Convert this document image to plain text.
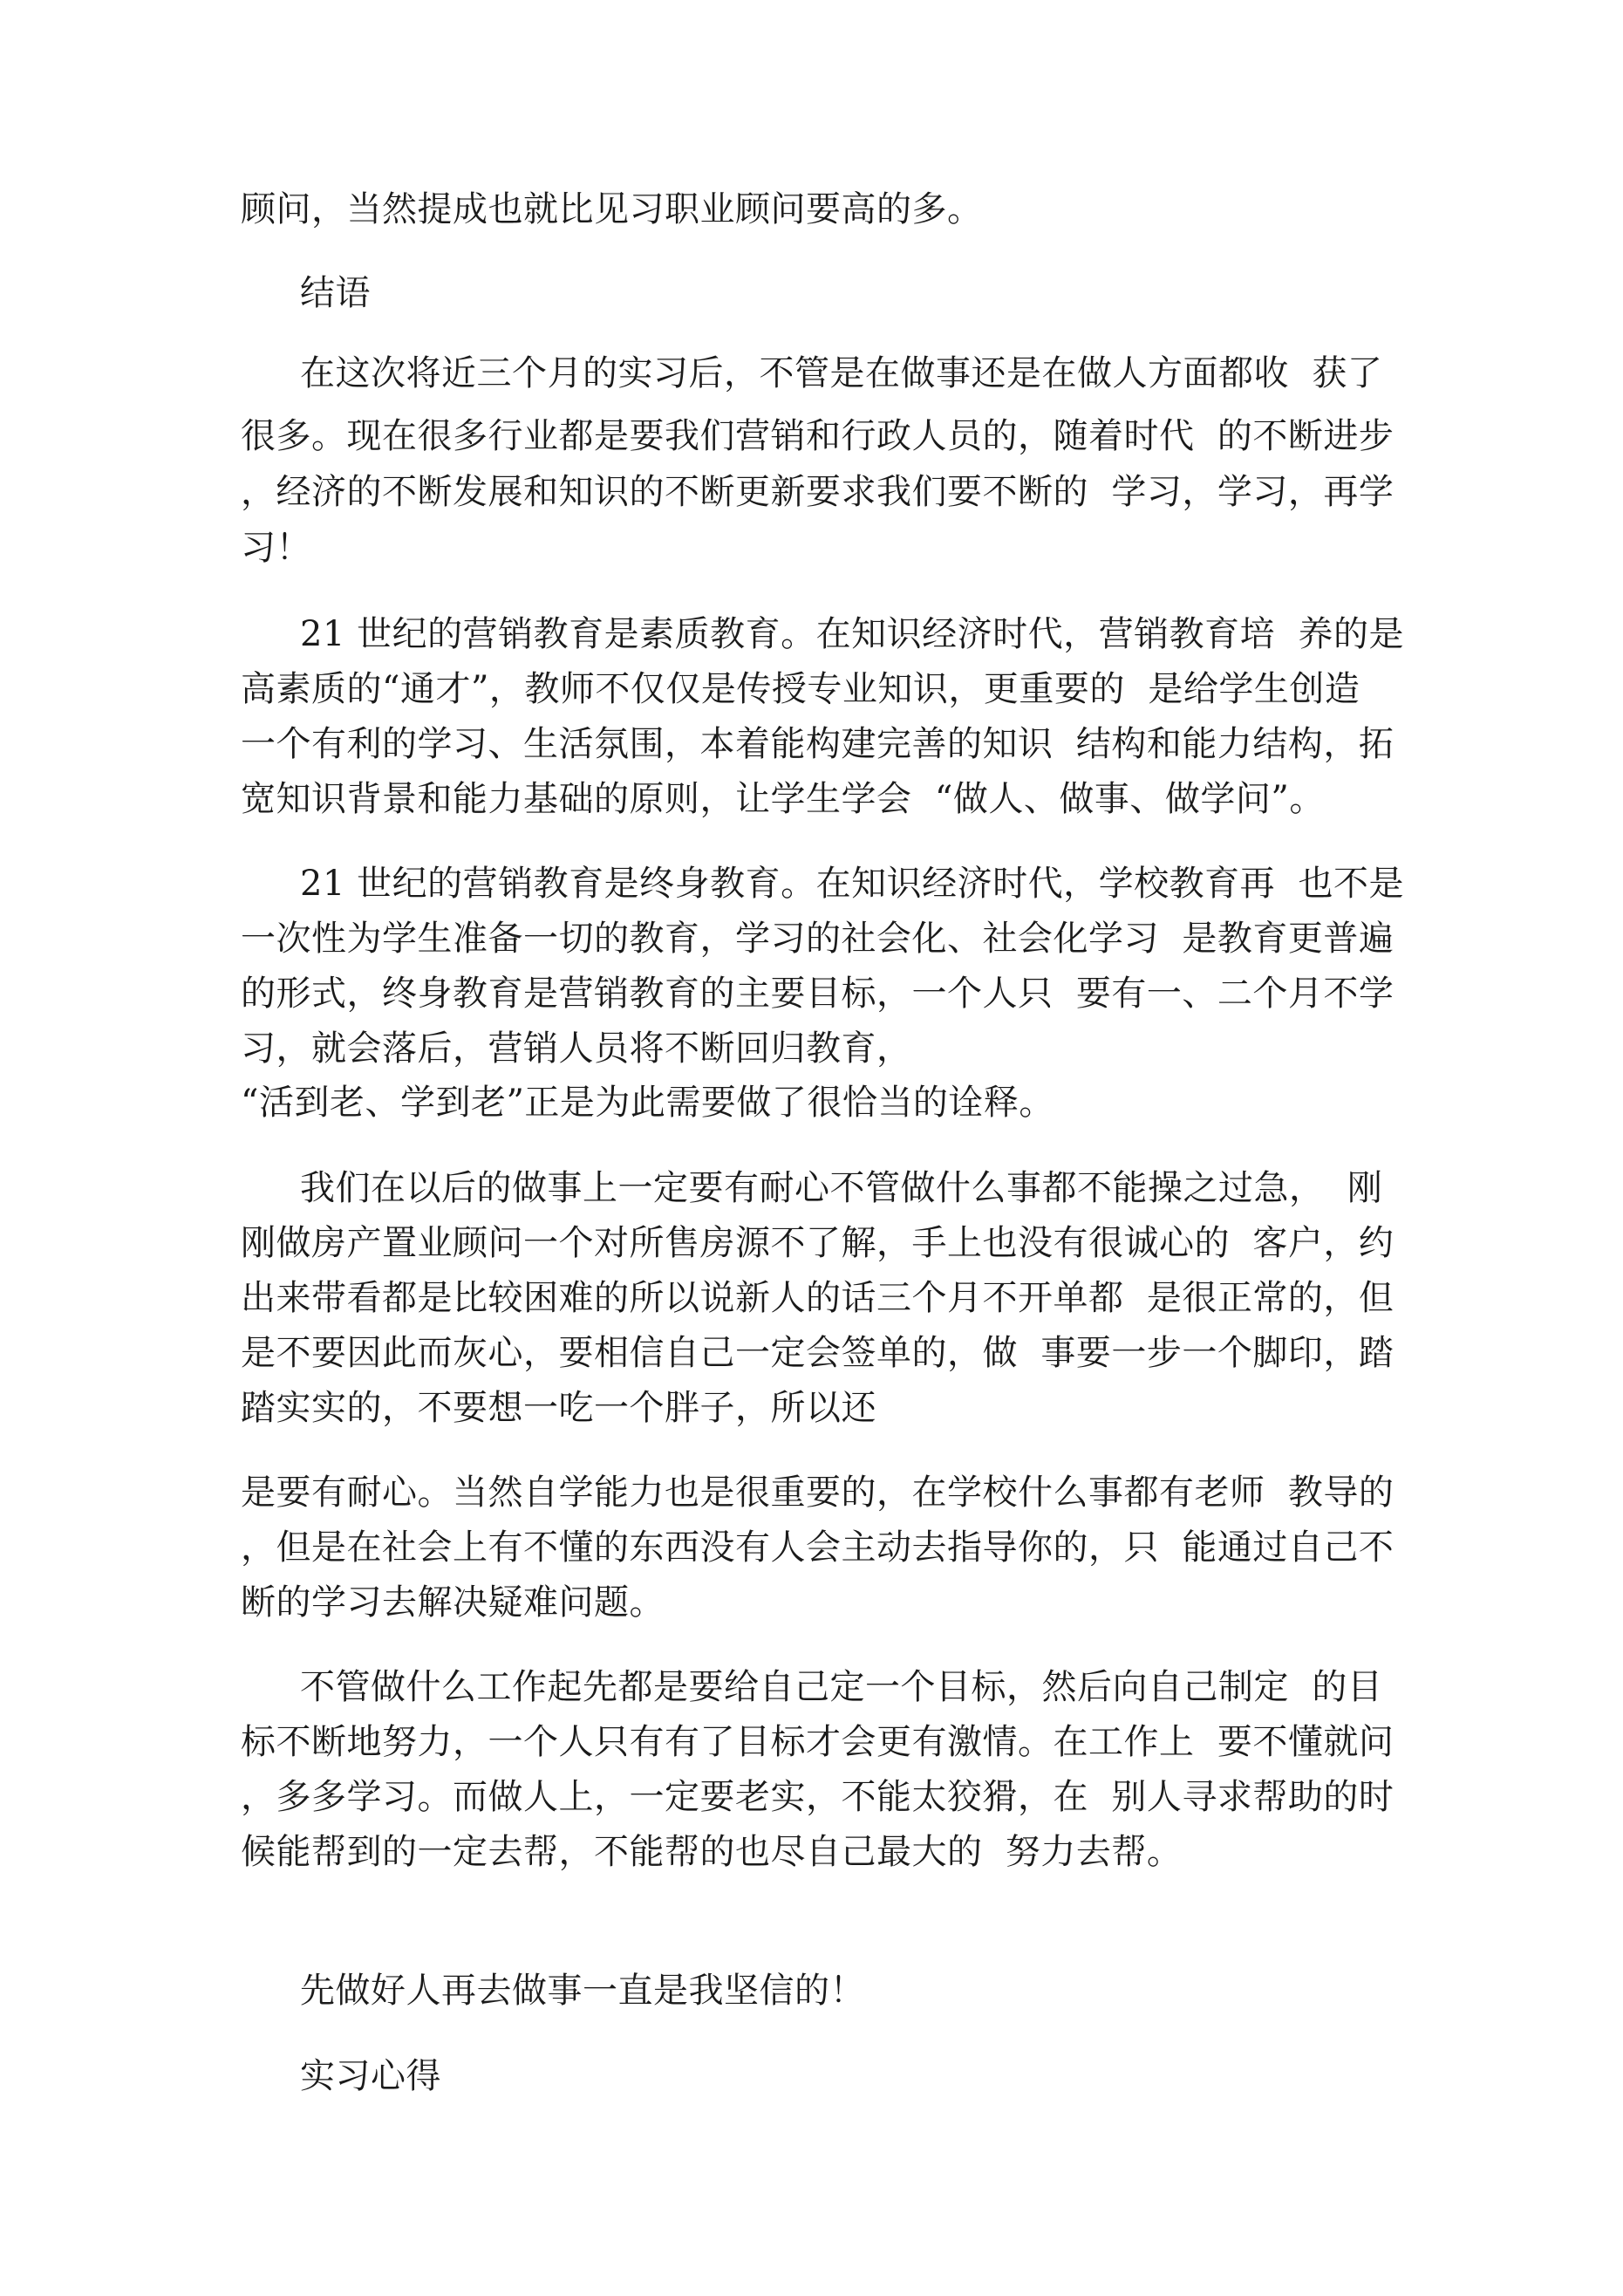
顾问，当然提成也就比见习职业顾问要高的多。
结语
在这次将近三个月的实习后，不管是在做事还是在做人方面都收  获了
很多。现在很多行业都是要我们营销和行政人员的，随着时代  的不断进步
，经济的不断发展和知识的不断更新要求我们要不断的  学习，学习，再学
习！
21 世纪的营销教育是素质教育。在知识经济时代，营销教育培  养的是
高素质的“通才”，教师不仅仅是传授专业知识，更重要的  是给学生创造
一个有利的学习、生活氛围，本着能构建完善的知识  结构和能力结构，拓
宽知识背景和能力基础的原则，让学生学会  “做人、做事、做学问”。
21 世纪的营销教育是终身教育。在知识经济时代，学校教育再  也不是
一次性为学生准备一切的教育，学习的社会化、社会化学习  是教育更普遍
的形式，终身教育是营销教育的主要目标，一个人只  要有一、二个月不学
习，就会落后，营销人员将不断回归教育，
“活到老、学到老”正是为此需要做了很恰当的诠释。
我们在以后的做事上一定要有耐心不管做什么事都不能操之过急，  刚
刚做房产置业顾问一个对所售房源不了解，手上也没有很诚心的  客户，约
出来带看都是比较困难的所以说新人的话三个月不开单都  是很正常的，但
是不要因此而灰心，要相信自己一定会签单的，做  事要一步一个脚印，踏
踏实实的，不要想一吃一个胖子，所以还
是要有耐心。当然自学能力也是很重要的，在学校什么事都有老师  教导的
，但是在社会上有不懂的东西没有人会主动去指导你的，只  能通过自己不
断的学习去解决疑难问题。
不管做什么工作起先都是要给自己定一个目标，然后向自己制定  的目
标不断地努力，一个人只有有了目标才会更有激情。在工作上  要不懂就问
，多多学习。而做人上，一定要老实，不能太狡猾，在  别人寻求帮助的时
候能帮到的一定去帮，不能帮的也尽自己最大的  努力去帮。
先做好人再去做事一直是我坚信的！
实习心得
